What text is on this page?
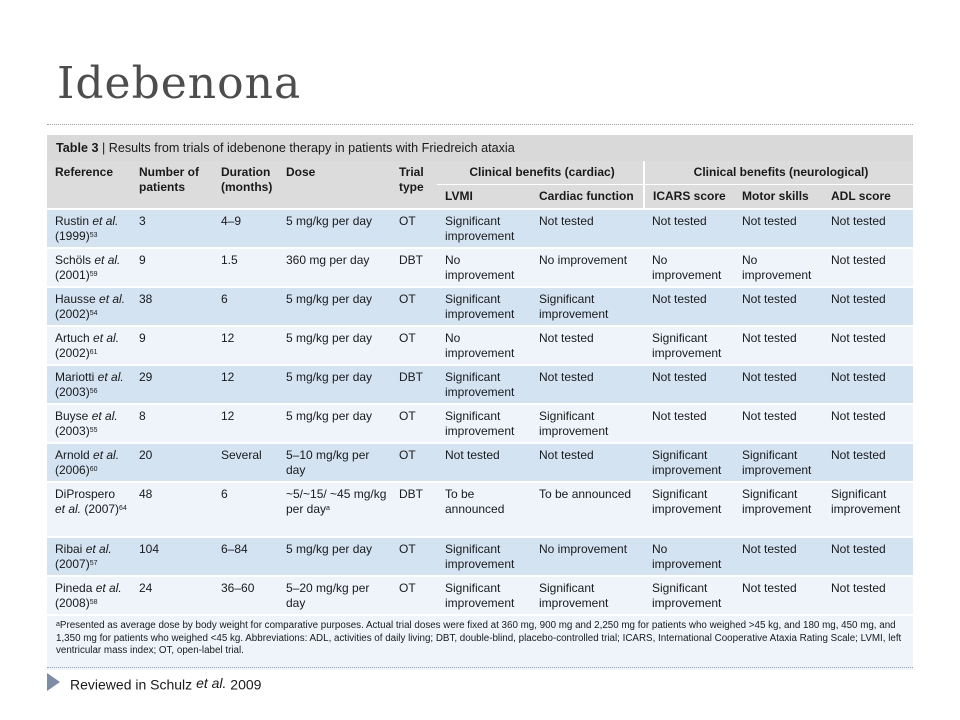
Idebenona
Table 3 | Results from trials of idebenone therapy in patients with Friedreich ataxia
Reference	Number of patients	Duration (months)	Dose	Trial type	Clinical benefits (cardiac)		Clinical benefits (neurological)		
					LVMI	Cardiac function	ICARS score	Motor skills	ADL score
Rustin et al. $(1999)^{53}$	3	4–9	5 mg/kg per day	OT	Significant improvement	Not tested	Not tested	Not tested	Not tested
Schöls et al. $(2001)^{59}$	9	1.5	360 mg per day	DBT	No improvement	No improvement	No improvement	No improvement	Not tested
Hausse et al. $(2002)^{54}$	38	6	5 mg/kg per day	OT	Significant improvement	Significant improvement	Not tested	Not tested	Not tested
Artuch et al. $(2002)^{61}$	9	12	5 mg/kg per day	OT	No improvement	Not tested	Significant improvement	Not tested	Not tested
Mariotti et al. $(2003)^{56}$	29	12	5 mg/kg per day	DBT	Significant improvement	Not tested	Not tested	Not tested	Not tested
Buyse et al. $(2003)^{55}$	8	12	5 mg/kg per day	OT	Significant improvement	Significant improvement	Not tested	Not tested	Not tested
Arnold et al. $(2006)^{60}$	20	Several	5–10 mg/kg per day	OT	Not tested	Not tested	Significant improvement	Significant improvement	Not tested
DiProspero et al. $(2007)^{64}$	48	6	~5/~15/ ~45 mg/kg per day$^a$	DBT	To be announced	To be announced	Significant improvement	Significant improvement	Significant improvement
Ribai et al. $(2007)^{57}$	104	6–84	5 mg/kg per day	OT	Significant improvement	No improvement	No improvement	Not tested	Not tested
Pineda et al. $(2008)^{58}$	24	36–60	5–20 mg/kg per day	OT	Significant improvement	Significant improvement	Significant improvement	Not tested	Not tested
$^a$Presented as average dose by body weight for comparative purposes. Actual trial doses were fixed at 360 mg, 900 mg and 2,250 mg for patients who weighed >45 kg, and 180 mg, 450 mg, and 1,350 mg for patients who weighed <45 kg. Abbreviations: ADL, activities of daily living; DBT, double-blind, placebo-controlled trial; ICARS, International Cooperative Ataxia Rating Scale; LVMI, left ventricular mass index; OT, open-label trial.
Reviewed in Schulz et al. 2009
